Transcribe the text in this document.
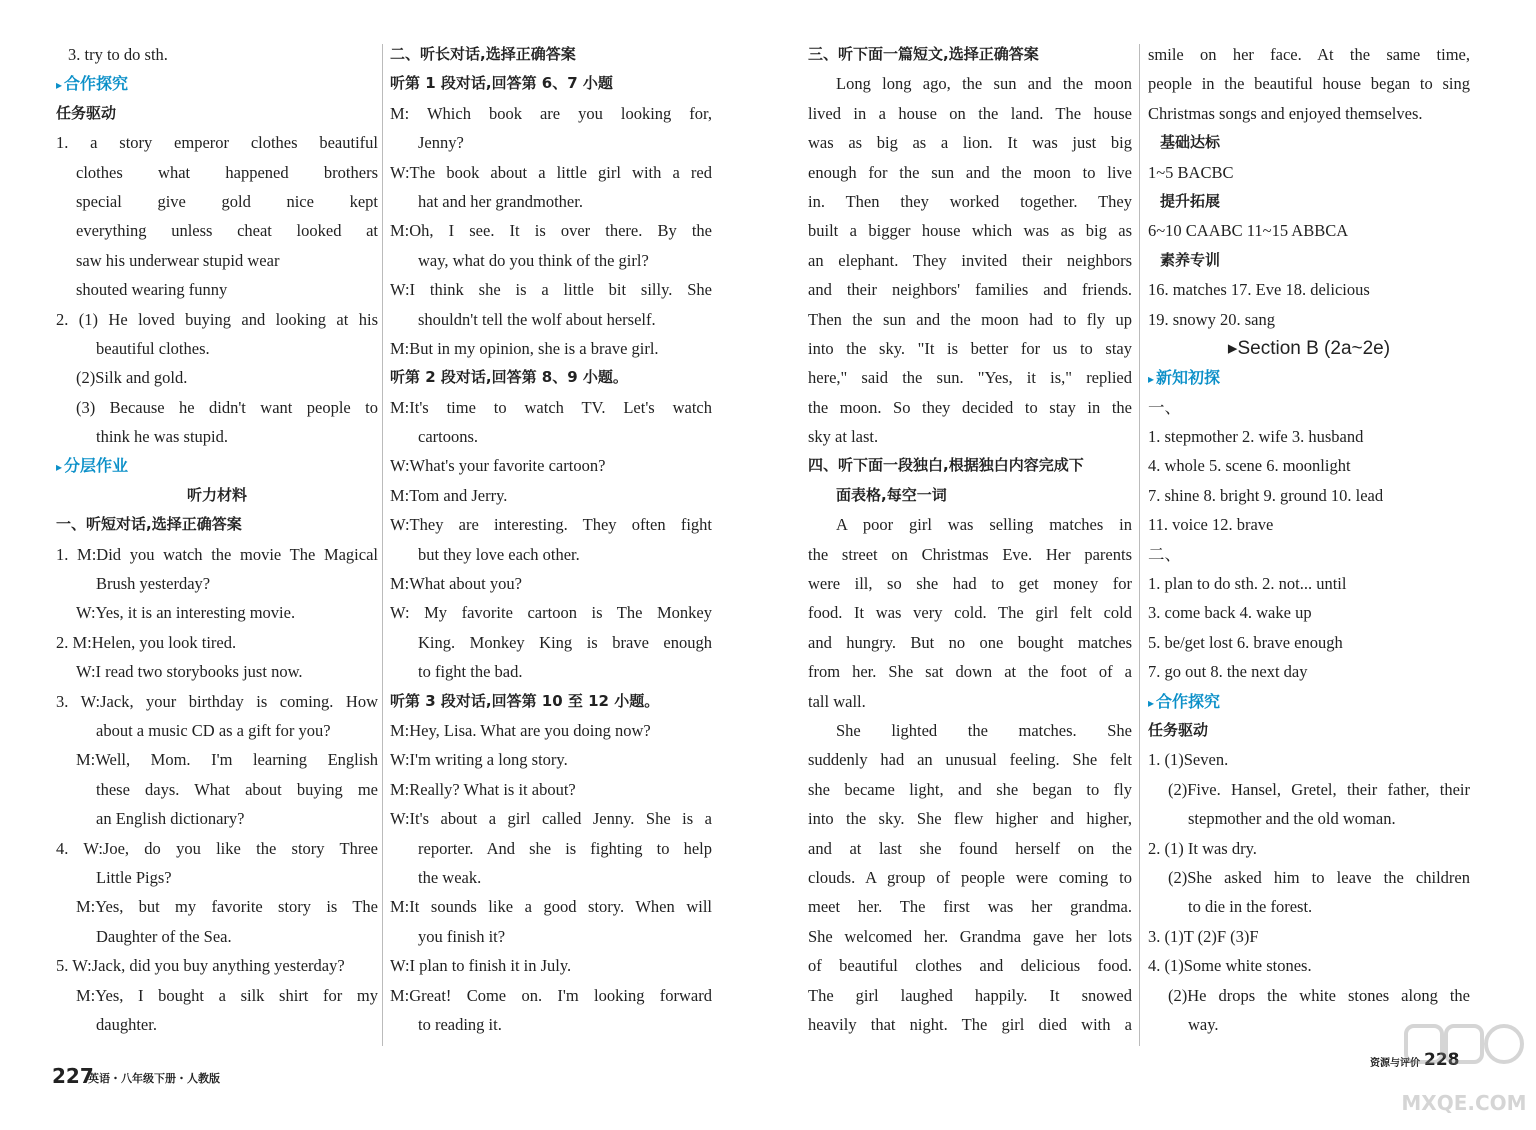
3. try to do sth.
▸ 合作探究
任务驱动
1. a story emperor clothes beautiful
clothes what happened brothers
special give gold nice kept
everything unless cheat looked at
saw his underwear stupid wear
shouted wearing funny
2. (1) He loved buying and looking at his
beautiful clothes.
(2)Silk and gold.
(3) Because he didn't want people to
think he was stupid.
▸ 分层作业
听力材料
一、听短对话,选择正确答案
1. M:Did you watch the movie The Magical
Brush yesterday?
W:Yes, it is an interesting movie.
2. M:Helen, you look tired.
W:I read two storybooks just now.
3. W:Jack, your birthday is coming. How
about a music CD as a gift for you?
M:Well, Mom. I'm learning English
these days. What about buying me
an English dictionary?
4. W:Joe, do you like the story Three
Little Pigs?
M:Yes, but my favorite story is The
Daughter of the Sea.
5. W:Jack, did you buy anything yesterday?
M:Yes, I bought a silk shirt for my
daughter.
二、听长对话,选择正确答案
听第 1 段对话,回答第 6、7 小题
M: Which book are you looking for,
Jenny?
W:The book about a little girl with a red
hat and her grandmother.
M:Oh, I see. It is over there. By the
way, what do you think of the girl?
W:I think she is a little bit silly. She
shouldn't tell the wolf about herself.
M:But in my opinion, she is a brave girl.
听第 2 段对话,回答第 8、9 小题。
M:It's time to watch TV. Let's watch
cartoons.
W:What's your favorite cartoon?
M:Tom and Jerry.
W:They are interesting. They often fight
but they love each other.
M:What about you?
W: My favorite cartoon is The Monkey
King. Monkey King is brave enough
to fight the bad.
听第 3 段对话,回答第 10 至 12 小题。
M:Hey, Lisa. What are you doing now?
W:I'm writing a long story.
M:Really? What is it about?
W:It's about a girl called Jenny. She is a
reporter. And she is fighting to help
the weak.
M:It sounds like a good story. When will
you finish it?
W:I plan to finish it in July.
M:Great! Come on. I'm looking forward
to reading it.
三、听下面一篇短文,选择正确答案
Long long ago, the sun and the moon
lived in a house on the land. The house
was as big as a lion. It was just big
enough for the sun and the moon to live
in. Then they worked together. They
built a bigger house which was as big as
an elephant. They invited their neighbors
and their neighbors' families and friends.
Then the sun and the moon had to fly up
into the sky. "It is better for us to stay
here," said the sun. "Yes, it is," replied
the moon. So they decided to stay in the
sky at last.
四、听下面一段独白,根据独白内容完成下
面表格,每空一词
A poor girl was selling matches in
the street on Christmas Eve. Her parents
were ill, so she had to get money for
food. It was very cold. The girl felt cold
and hungry. But no one bought matches
from her. She sat down at the foot of a
tall wall.
She lighted the matches. She
suddenly had an unusual feeling. She felt
she became light, and she began to fly
into the sky. She flew higher and higher,
and at last she found herself on the
clouds. A group of people were coming to
meet her. The first was her grandma.
She welcomed her. Grandma gave her lots
of beautiful clothes and delicious food.
The girl laughed happily. It snowed
heavily that night. The girl died with a
smile on her face. At the same time,
people in the beautiful house began to sing
Christmas songs and enjoyed themselves.
基础达标
1~5 BACBC
提升拓展
6~10 CAABC 11~15 ABBCA
素养专训
16. matches 17. Eve 18. delicious
19. snowy 20. sang
▸Section B (2a~2e)
▸ 新知初探
一、
1. stepmother 2. wife 3. husband
4. whole 5. scene 6. moonlight
7. shine 8. bright 9. ground 10. lead
11. voice 12. brave
二、
1. plan to do sth. 2. not... until
3. come back 4. wake up
5. be/get lost 6. brave enough
7. go out 8. the next day
▸ 合作探究
任务驱动
1. (1)Seven.
(2)Five. Hansel, Gretel, their father, their
stepmother and the old woman.
2. (1) It was dry.
(2)She asked him to leave the children
to die in the forest.
3. (1)T (2)F (3)F
4. (1)Some white stones.
(2)He drops the white stones along the
way.
227
英语・八年级下册・人教版
资源与评价 228
MXQE.COM
